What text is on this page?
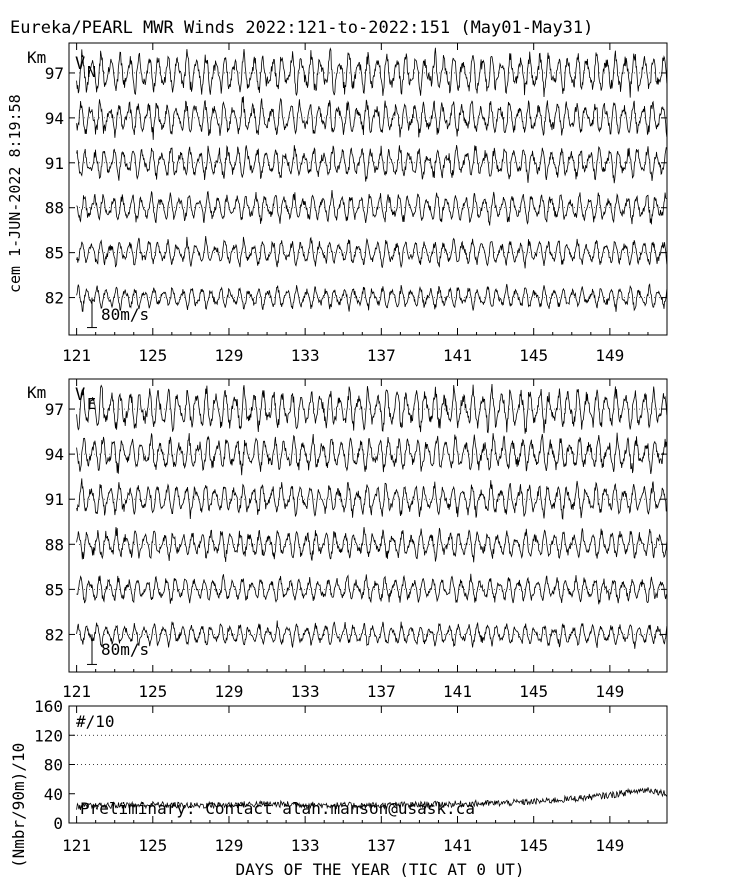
Eureka/PEARL MWR Winds 2022:121-to-2022:151 (May01-May31)
cem 1-JUN-2022 8:19:58
Km V N
80m/s
121	125	129	133	137	141	145	149
97
94
91
88
85
82
Km V E
80m/s
121	125	129	133	137	141	145	149
97
94
91
88
85
82
#/10
(Nmbr/90m)/10	Preliminary: Contact alan.manson@usask.ca
121	125	129	133	137	141	145	149
160
120
80
40
0
DAYS OF THE YEAR (TIC AT 0 UT)
